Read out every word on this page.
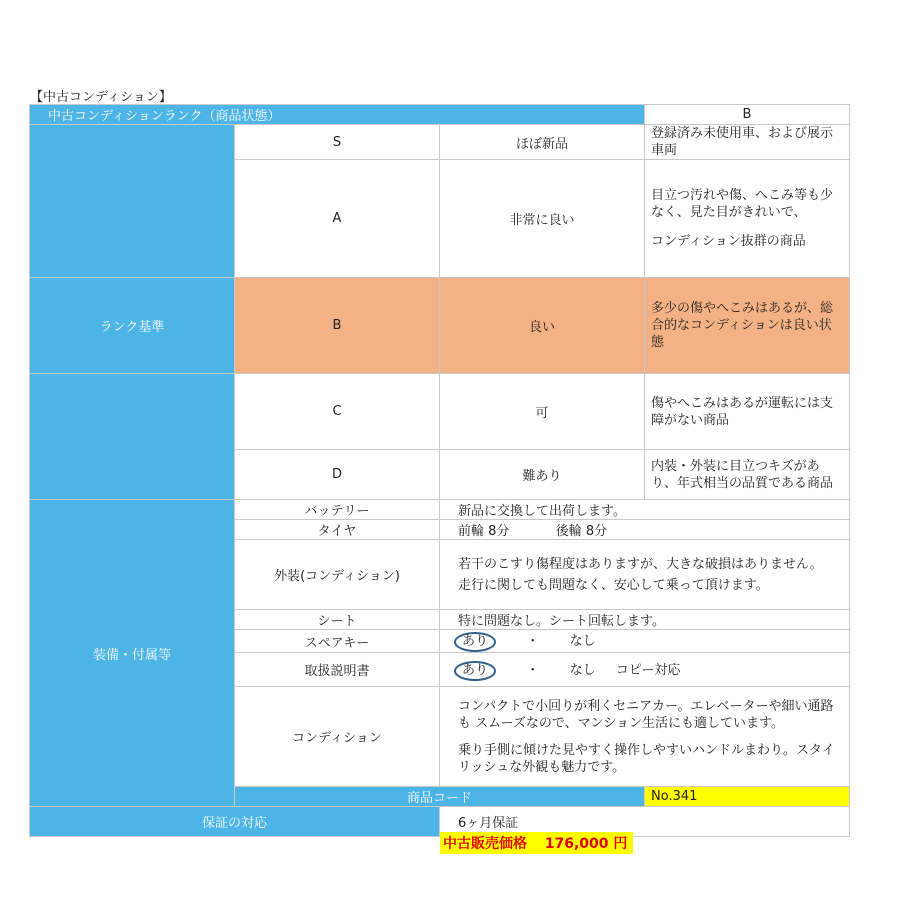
【中古コンディション】
中古コンディションランク（商品状態）			B
	S	ほぼ新品	登録済み未使用車、および展示車両
	A	非常に良い	目立つ汚れや傷、へこみ等も少なく、見た目がきれいで、
コンディション抜群の商品

ランク基準	B	良い	多少の傷やへこみはあるが、総合的なコンディションは良い状態
	C	可	傷やへこみはあるが運転には支障がない商品
	D	難あり	内装・外装に目立つキズがあり、年式相当の品質である商品
装備・付属等	バッテリー	新品に交換して出荷します。	
	タイヤ	前輪 8分 後輪 8分	
	外装(コンディション)	若干のこすり傷程度はありますが、大きな破損はありません。
走行に関しても問題なく、安心して乗って頂けます。	

	シート	特に問題なし。シート回転します。	
	スペアキー	あり ・ なし	
	取扱説明書	あり ・ なし コピー対応	
	コンディション	コンパクトで小回りが利くセニアカー。エレベーターや細い通路も スムーズなので、マンション生活にも適しています。
乗り手側に傾けた見やすく操作しやすいハンドルまわり。スタイリッシュな外観も魅力です。	

	商品コード		No.341
保証の対応		6ヶ月保証	
中古販売価格 176,000 円
